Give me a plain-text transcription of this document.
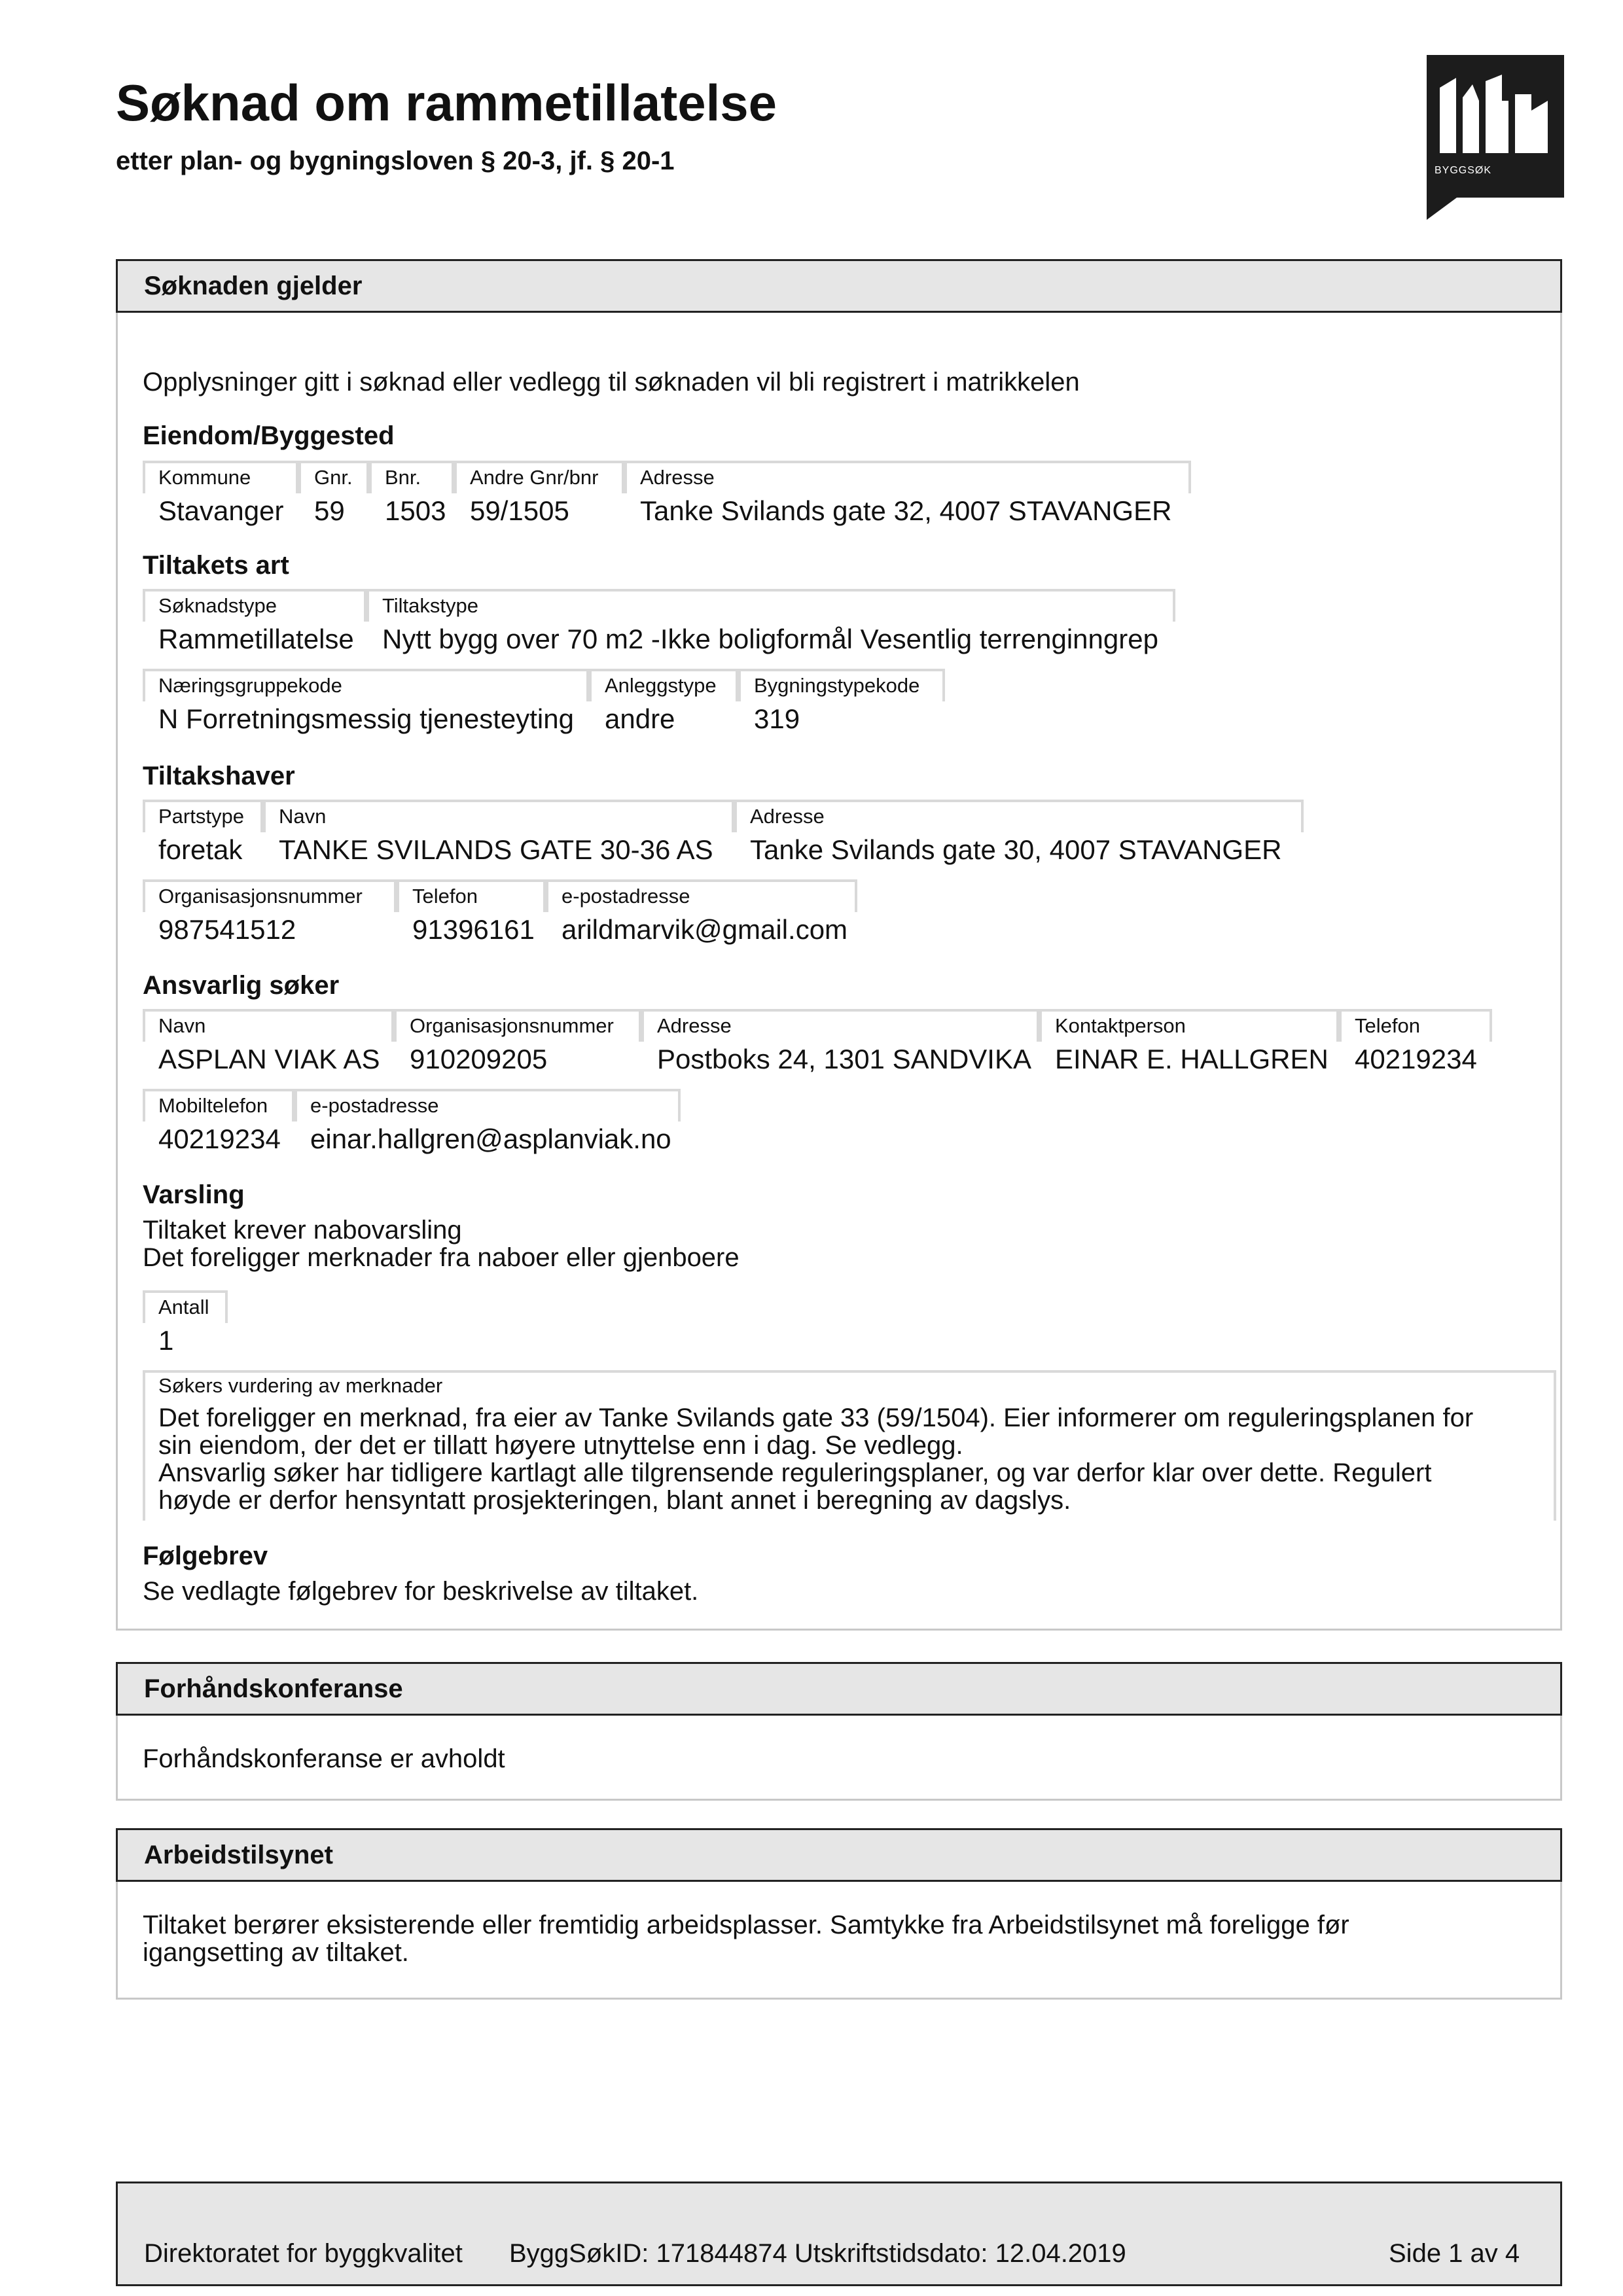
Søknad om rammetillatelse
etter plan- og bygningsloven § 20-3, jf. § 20-1	BYGGSØK
Søknaden gjelder
Opplysninger gitt i søknad eller vedlegg til søknaden vil bli registrert i matrikkelen
Eiendom/Byggested
Kommune
Stavanger
Gnr.
59
Bnr.
1503
Andre Gnr/bnr
59/1505
Adresse
Tanke Svilands gate 32, 4007 STAVANGER
Tiltakets art
Søknadstype
Rammetillatelse
Tiltakstype
Nytt bygg over 70 m2 -Ikke boligformål Vesentlig terrenginngrep
Næringsgruppekode
N Forretningsmessig tjenesteyting
Anleggstype
andre
Bygningstypekode
319
Tiltakshaver
Partstype
foretak
Navn
TANKE SVILANDS GATE 30-36 AS
Adresse
Tanke Svilands gate 30, 4007 STAVANGER
Organisasjonsnummer
987541512
Telefon
91396161
e-postadresse
arildmarvik@gmail.com
Ansvarlig søker
Navn
ASPLAN VIAK AS
Organisasjonsnummer
910209205
Adresse
Postboks 24, 1301 SANDVIKA
Kontaktperson
EINAR E. HALLGREN
Telefon
40219234
Mobiltelefon
40219234
e-postadresse
einar.hallgren@asplanviak.no
Varsling
Tiltaket krever nabovarsling
Det foreligger merknader fra naboer eller gjenboere
Antall
1
Søkers vurdering av merknader
Det foreligger en merknad, fra eier av Tanke Svilands gate 33 (59/1504). Eier informerer om reguleringsplanen for
sin eiendom, der det er tillatt høyere utnyttelse enn i dag. Se vedlegg.
Ansvarlig søker har tidligere kartlagt alle tilgrensende reguleringsplaner, og var derfor klar over dette. Regulert
høyde er derfor hensyntatt prosjekteringen, blant annet i beregning av dagslys.
Følgebrev
Se vedlagte følgebrev for beskrivelse av tiltaket.
Forhåndskonferanse
Forhåndskonferanse er avholdt
Arbeidstilsynet
Tiltaket berører eksisterende eller fremtidig arbeidsplasser. Samtykke fra Arbeidstilsynet må foreligge før
igangsetting av tiltaket.
Direktoratet for byggkvalitet ByggSøkID: 171844874 Utskriftstidsdato: 12.04.2019	Side 1 av 4
